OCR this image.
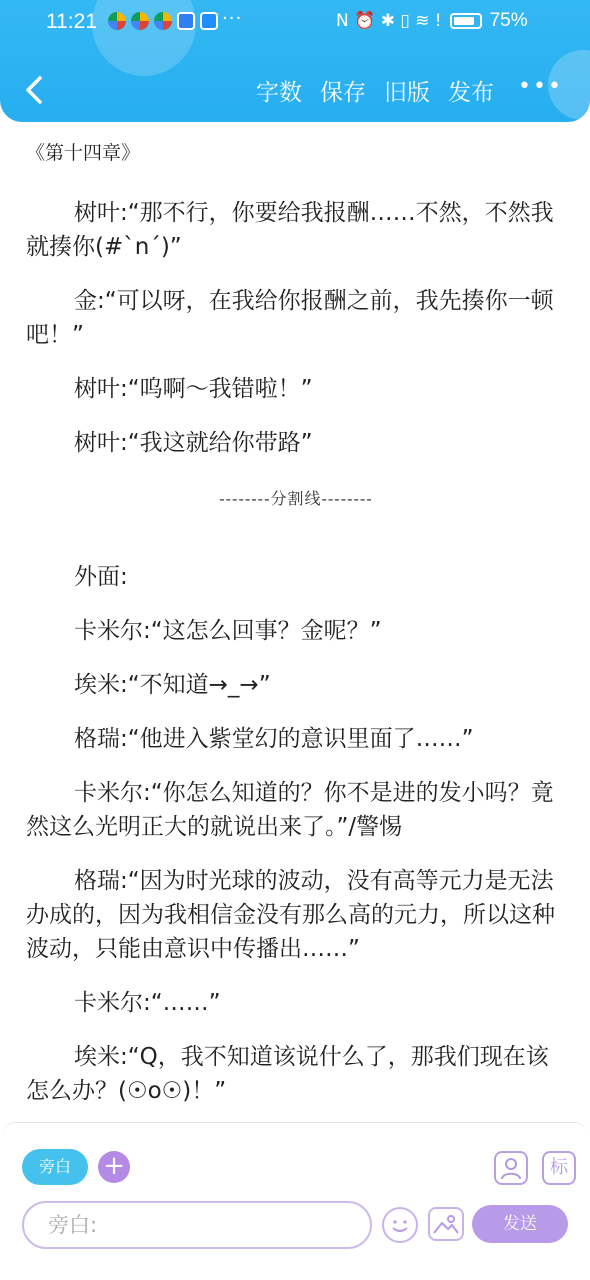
11:21	···	N ⏰ ✱ ▯ ≋ !	75%
字数 保存 旧版 发布 •••
《第十四章》

树叶:“那不行，你要给我报酬……不然，不然我就揍你(#`n´)”

金:“可以呀，在我给你报酬之前，我先揍你一顿吧！”

树叶:“呜啊～我错啦！”

树叶:“我这就给你带路”

--------分割线--------

外面:

卡米尔:“这怎么回事？金呢？”

埃米:“不知道→_→”

格瑞:“他进入紫堂幻的意识里面了……”

卡米尔:“你怎么知道的？你不是进的发小吗？竟然这么光明正大的就说出来了。”/警惕

格瑞:“因为时光球的波动，没有高等元力是无法办成的，因为我相信金没有那么高的元力，所以这种波动，只能由意识中传播出……”

卡米尔:“……”

埃米:“Q，我不知道该说什么了，那我们现在该怎么办？(☉o☉)！”

旁白	+	标
旁白:
发送
